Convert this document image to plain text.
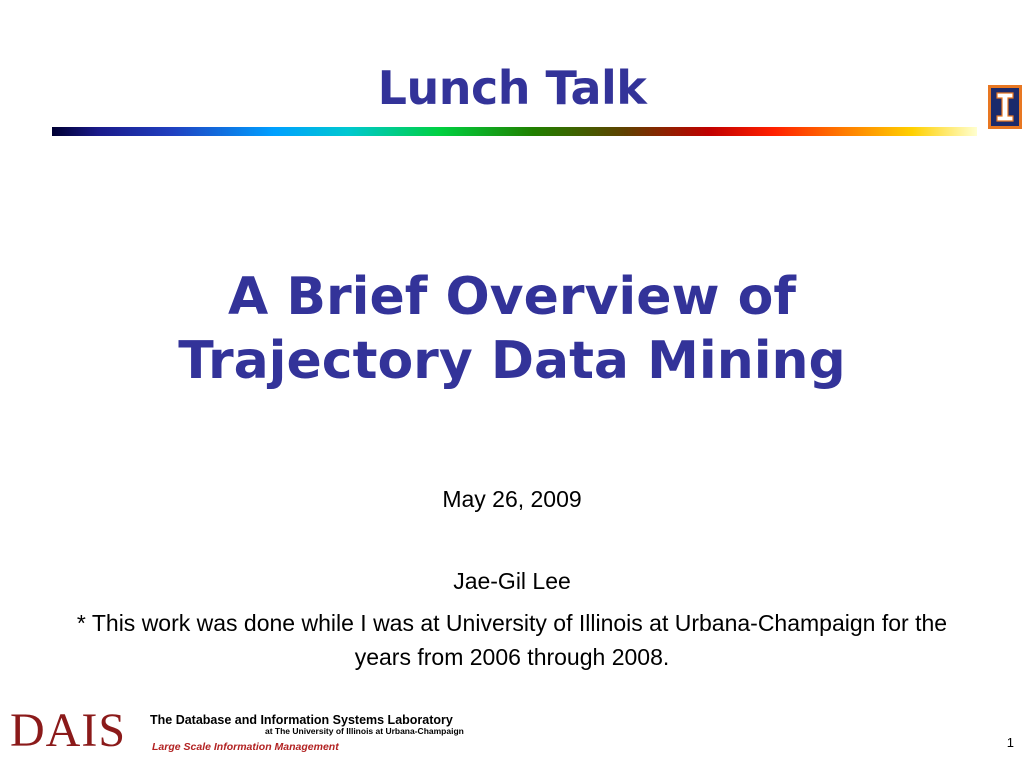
Lunch Talk
A Brief Overview of
Trajectory Data Mining
May 26, 2009
Jae-Gil Lee
* This work was done while I was at University of Illinois at Urbana-Champaign for the years from 2006 through 2008.
DAIS The Database and Information Systems Laboratory
at The University of Illinois at Urbana-Champaign
Large Scale Information Management	1
